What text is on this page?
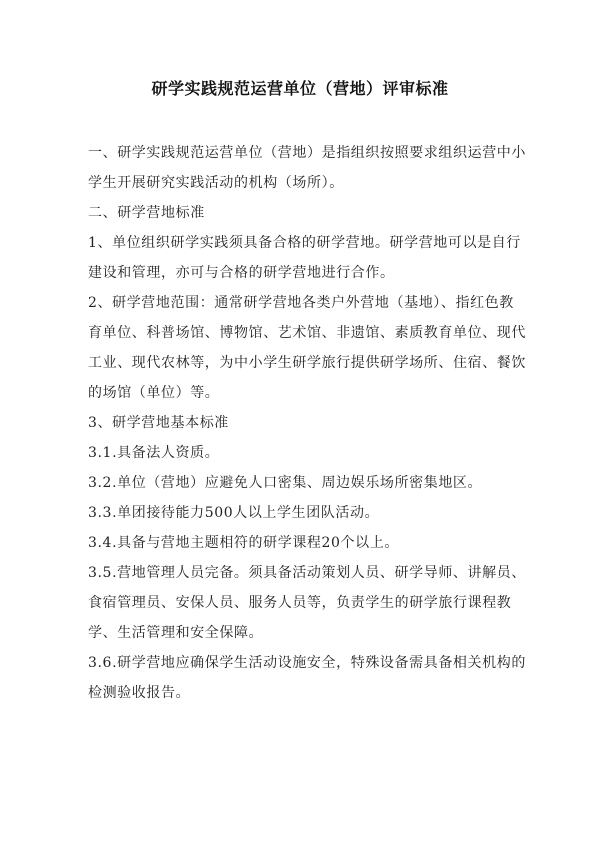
研学实践规范运营单位（营地）评审标准

一、研学实践规范运营单位（营地）是指组织按照要求组织运营中小学生开展研究实践活动的机构（场所）。

二、研学营地标准

1、单位组织研学实践须具备合格的研学营地。研学营地可以是自行建设和管理，亦可与合格的研学营地进行合作。

2、研学营地范围：通常研学营地各类户外营地（基地）、指红色教育单位、科普场馆、博物馆、艺术馆、非遗馆、素质教育单位、现代工业、现代农林等，为中小学生研学旅行提供研学场所、住宿、餐饮的场馆（单位）等。

3、研学营地基本标准

3.1.具备法人资质。

3.2.单位（营地）应避免人口密集、周边娱乐场所密集地区。

3.3.单团接待能力500人以上学生团队活动。

3.4.具备与营地主题相符的研学课程20个以上。

3.5.营地管理人员完备。须具备活动策划人员、研学导师、讲解员、食宿管理员、安保人员、服务人员等，负责学生的研学旅行课程教学、生活管理和安全保障。

3.6.研学营地应确保学生活动设施安全，特殊设备需具备相关机构的检测验收报告。
